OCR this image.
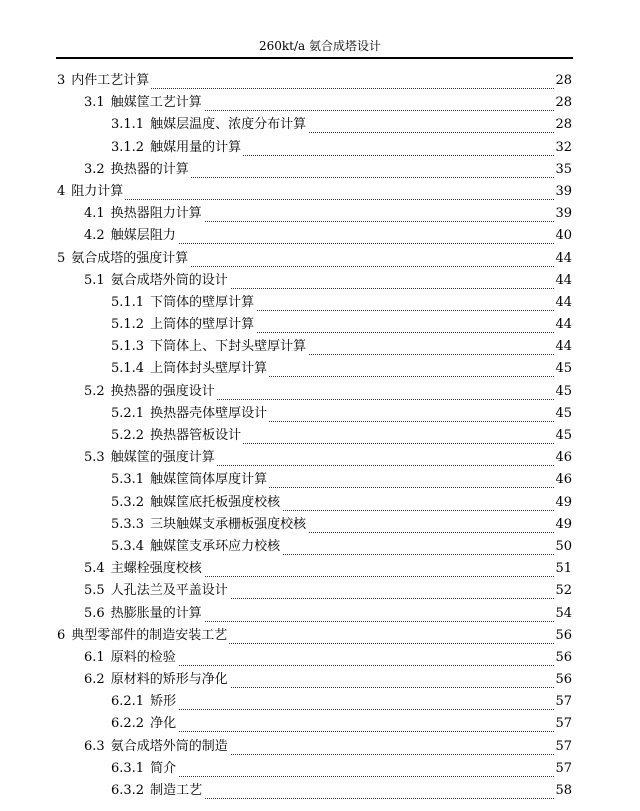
260kt/a 氨合成塔设计
3 内件工艺计算	28
3.1 触媒筐工艺计算	28
3.1.1 触媒层温度、浓度分布计算	28
3.1.2 触媒用量的计算	32
3.2 换热器的计算	35
4 阻力计算	39
4.1 换热器阻力计算	39
4.2 触媒层阻力	40
5 氨合成塔的强度计算	44
5.1 氨合成塔外筒的设计	44
5.1.1 下筒体的壁厚计算	44
5.1.2 上筒体的壁厚计算	44
5.1.3 下筒体上、下封头壁厚计算	44
5.1.4 上筒体封头壁厚计算	45
5.2 换热器的强度设计	45
5.2.1 换热器壳体壁厚设计	45
5.2.2 换热器管板设计	45
5.3 触媒筐的强度计算	46
5.3.1 触媒筐筒体厚度计算	46
5.3.2 触媒筐底托板强度校核	49
5.3.3 三块触媒支承栅板强度校核	49
5.3.4 触媒筐支承环应力校核	50
5.4 主螺栓强度校核	51
5.5 人孔法兰及平盖设计	52
5.6 热膨胀量的计算	54
6 典型零部件的制造安装工艺	56
6.1 原料的检验	56
6.2 原材料的矫形与净化	56
6.2.1 矫形	57
6.2.2 净化	57
6.3 氨合成塔外筒的制造	57
6.3.1 简介	57
6.3.2 制造工艺	58
